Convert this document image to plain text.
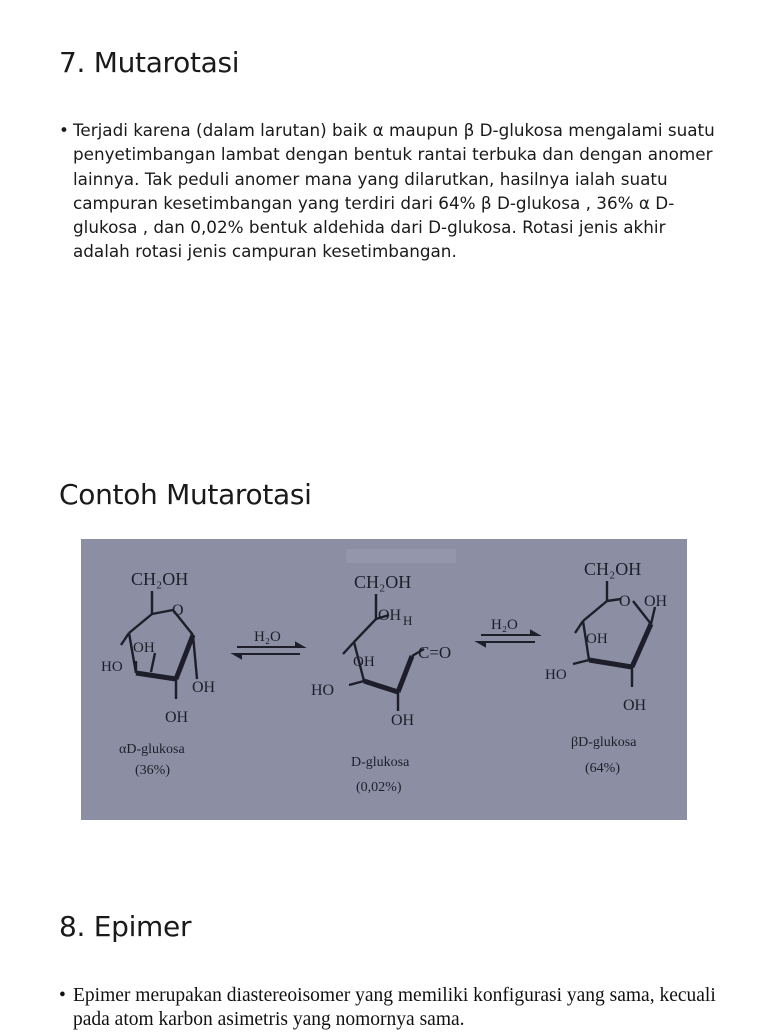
7. Mutarotasi
• Terjadi karena (dalam larutan) baik α maupun β D-glukosa mengalami suatu penyetimbangan lambat dengan bentuk rantai terbuka dan dengan anomer lainnya. Tak peduli anomer mana yang dilarutkan, hasilnya ialah suatu campuran kesetimbangan yang terdiri dari 64% β D-glukosa , 36% α D-glukosa , dan 0,02% bentuk aldehida dari D-glukosa. Rotasi jenis akhir adalah rotasi jenis campuran kesetimbangan.
Contoh Mutarotasi
CH₂OH
O
OH
HO
OH
OH
αD-glukosa
(36%)
H₂O
CH₂OH
OH H
C=O
OH
HO
OH
D-glukosa
(0,02%)
H₂O
CH₂OH
O OH
OH
HO
OH
βD-glukosa
(64%)
8. Epimer
• Epimer merupakan diastereoisomer yang memiliki konfigurasi yang sama, kecuali pada atom karbon asimetris yang nomornya sama.
